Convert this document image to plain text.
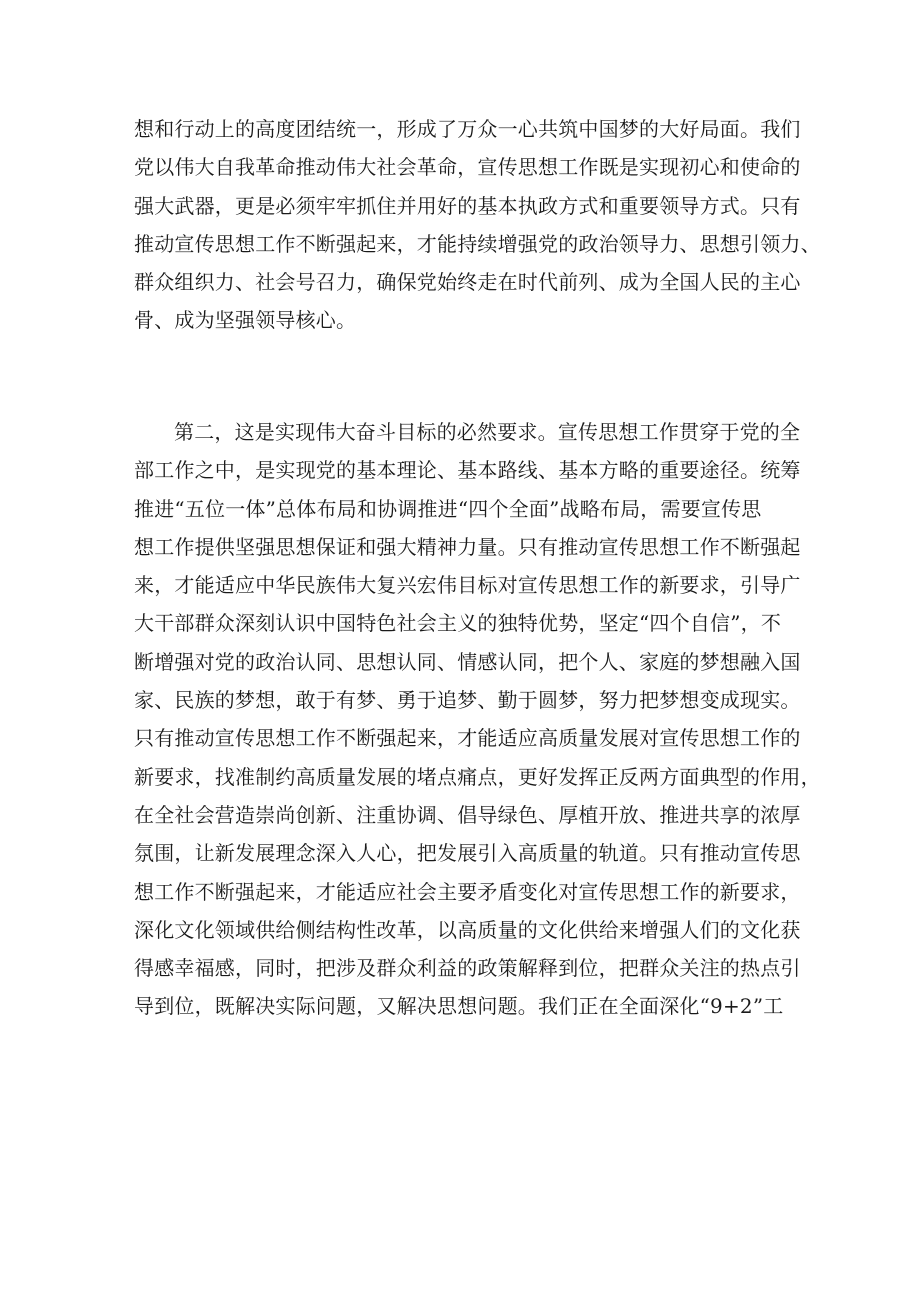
想和行动上的高度团结统一，形成了万众一心共筑中国梦的大好局面。我们
党以伟大自我革命推动伟大社会革命，宣传思想工作既是实现初心和使命的
强大武器，更是必须牢牢抓住并用好的基本执政方式和重要领导方式。只有
推动宣传思想工作不断强起来，才能持续增强党的政治领导力、思想引领力、
群众组织力、社会号召力，确保党始终走在时代前列、成为全国人民的主心
骨、成为坚强领导核心。
第二，这是实现伟大奋斗目标的必然要求。宣传思想工作贯穿于党的全
部工作之中，是实现党的基本理论、基本路线、基本方略的重要途径。统筹
推进“五位一体”总体布局和协调推进“四个全面”战略布局，需要宣传思
想工作提供坚强思想保证和强大精神力量。只有推动宣传思想工作不断强起
来，才能适应中华民族伟大复兴宏伟目标对宣传思想工作的新要求，引导广
大干部群众深刻认识中国特色社会主义的独特优势，坚定“四个自信”，不
断增强对党的政治认同、思想认同、情感认同，把个人、家庭的梦想融入国
家、民族的梦想，敢于有梦、勇于追梦、勤于圆梦，努力把梦想变成现实。
只有推动宣传思想工作不断强起来，才能适应高质量发展对宣传思想工作的
新要求，找准制约高质量发展的堵点痛点，更好发挥正反两方面典型的作用，
在全社会营造崇尚创新、注重协调、倡导绿色、厚植开放、推进共享的浓厚
氛围，让新发展理念深入人心，把发展引入高质量的轨道。只有推动宣传思
想工作不断强起来，才能适应社会主要矛盾变化对宣传思想工作的新要求，
深化文化领域供给侧结构性改革，以高质量的文化供给来增强人们的文化获
得感幸福感，同时，把涉及群众利益的政策解释到位，把群众关注的热点引
导到位，既解决实际问题，又解决思想问题。我们正在全面深化“9+2”工
